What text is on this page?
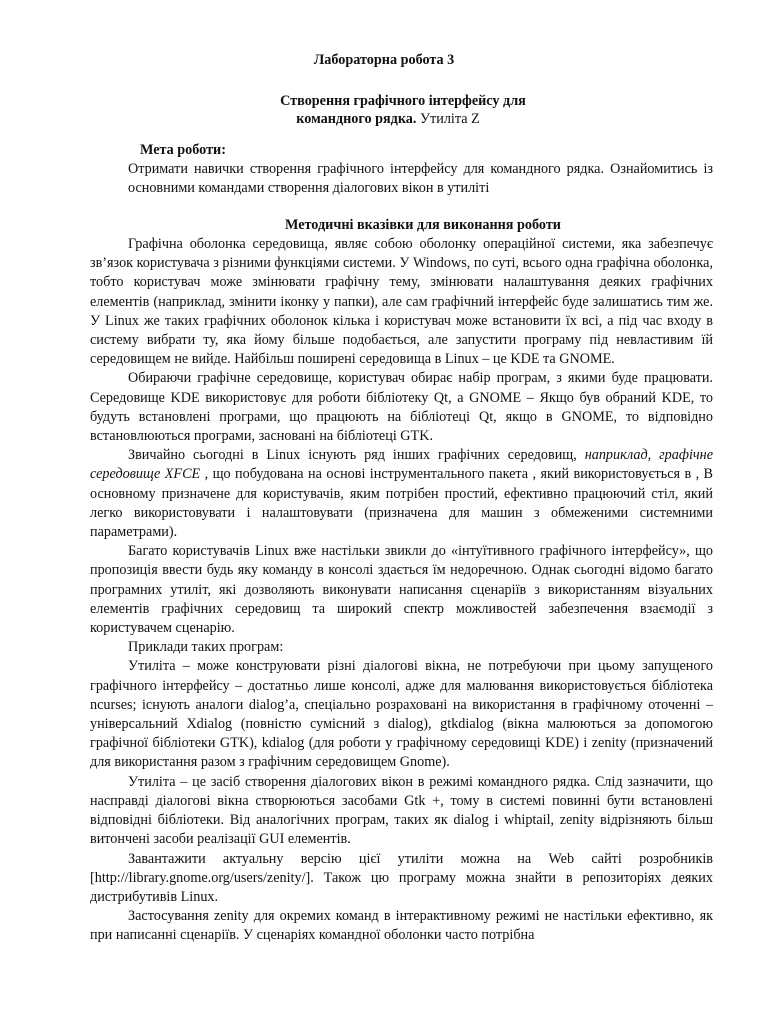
Лабораторна робота 3
Створення графічного інтерфейсу для
командного рядка. Утиліта Z
Мета роботи:
Отримати навички створення графічного інтерфейсу для командного рядка. Ознайомитись із основними командами створення діалогових вікон в утиліті
Методичні вказівки для виконання роботи

Графічна оболонка середовища, являє собою оболонку операційної системи, яка забезпечує зв’язок користувача з різними функціями системи. У Windows, по суті, всього одна графічна оболонка, тобто користувач може змінювати графічну тему, змінювати налаштування деяких графічних елементів (наприклад, змінити іконку у папки), але сам графічний інтерфейс буде залишатись тим же. У Linux же таких графічних оболонок кілька і користувач може встановити їх всі, а під час входу в систему вибрати ту, яка йому більше подобається, але запустити програму під невластивим їй середовищем не вийде. Найбільш поширені середовища в Linux – це KDE та GNOME.

Обираючи графічне середовище, користувач обирає набір програм, з якими буде працювати. Середовище KDE використовує для роботи бібліотеку Qt, а GNOME – Якщо був обраний KDE, то будуть встановлені програми, що працюють на бібліотеці Qt, якщо в GNOME, то відповідно встановлюються програми, засновані на бібліотеці GTK.

Звичайно сьогодні в Linux існують ряд інших графічних середовищ, наприклад, графічне середовище XFCE , що побудована на основі інструментального пакета , який використовується в , В основному призначене для користувачів, яким потрібен простий, ефективно працюючий стіл, який легко використовувати і налаштовувати (призначена для машин з обмеженими системними параметрами).

Багато користувачів Linux вже настільки звикли до «інтуїтивного графічного інтерфейсу», що пропозиція ввести будь яку команду в консолі здається їм недоречною. Однак сьогодні відомо багато програмних утиліт, які дозволяють виконувати написання сценаріїв з використанням візуальних елементів графічних середовищ та широкий спектр можливостей забезпечення взаємодії з користувачем сценарію.

Приклади таких програм:

Утиліта – може конструювати різні діалогові вікна, не потребуючи при цьому запущеного графічного інтерфейсу – достатньо лише консолі, адже для малювання використовується бібліотека ncurses; існують аналоги dialog’a, спеціально розраховані на використання в графічному оточенні – універсальний Xdialog (повністю сумісний з dialog), gtkdialog (вікна малюються за допомогою графічної бібліотеки GTK), kdialog (для роботи у графічному середовищі KDE) і zenity (призначений для використання разом з графічним середовищем Gnome).

Утиліта – це засіб створення діалогових вікон в режимі командного рядка. Слід зазначити, що насправді діалогові вікна створюються засобами Gtk +, тому в системі повинні бути встановлені відповідні бібліотеки. Від аналогічних програм, таких як dialog і whiptail, zenity відрізняють більш витончені засоби реалізації GUI елементів.

Завантажити актуальну версію цієї утиліти можна на Web сайті розробників [http://library.gnome.org/users/zenity/]. Також цю програму можна знайти в репозиторіях деяких дистрибутивів Linux.

Застосування zenity для окремих команд в інтерактивному режимі не настільки ефективно, як при написанні сценаріїв. У сценаріях командної оболонки часто потрібна
